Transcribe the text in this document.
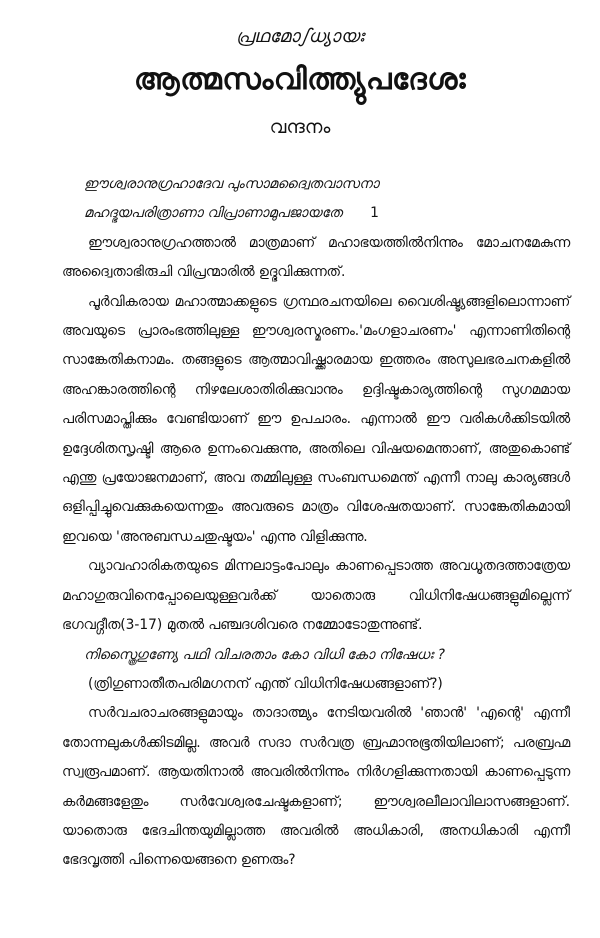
പ്രഥമോഽധ്യായഃ
ആത്മസംവിത്ത്യുപദേശഃ
വന്ദനം

ഈശ്വരാനുഗ്രഹാദേവ പുംസാമദ്വൈതവാസനാ

മഹദ്ഭയപരിത്രാണാ വിപ്രാണാമുപജായതേ 1

ഈശ്വരാനുഗ്രഹത്താൽ മാത്രമാണ് മഹാഭയത്തിൽനിന്നും മോചനമേകുന്ന അദ്വൈതാഭിരുചി വിപ്രന്മാരിൽ ഉദ്ഭവിക്കുന്നത്.

പൂർവികരായ മഹാത്മാക്കളുടെ ഗ്രന്ഥരചനയിലെ വൈശിഷ്ട്യങ്ങളിലൊന്നാണ് അവയുടെ പ്രാരംഭത്തിലുള്ള ഈശ്വരസ്മരണം.'മംഗളാചരണം' എന്നാണിതിന്റെ സാങ്കേതികനാമം. തങ്ങളുടെ ആത്മാവിഷ്ക്കാരമായ ഇത്തരം അസുലഭരചനകളിൽ അഹങ്കാരത്തിന്റെ നിഴലേശാതിരിക്കുവാനും ഉദ്ദിഷ്ടകാര്യത്തിന്റെ സുഗമമായ പരിസമാപ്തിക്കും വേണ്ടിയാണ് ഈ ഉപചാരം. എന്നാൽ ഈ വരികൾക്കിടയിൽ ഉദ്ദേശിതസൃഷ്ടി ആരെ ഉന്നംവെക്കുന്നു, അതിലെ വിഷയമെന്താണ്, അതുകൊണ്ട് എന്തു പ്രയോജനമാണ്, അവ തമ്മിലുള്ള സംബന്ധമെന്ത് എന്നീ നാലു കാര്യങ്ങൾ ഒളിപ്പിച്ചുവെക്കുകയെന്നതും അവരുടെ മാത്രം വിശേഷതയാണ്. സാങ്കേതികമായി ഇവയെ 'അനുബന്ധചതുഷ്ടയം' എന്നു വിളിക്കുന്നു.

വ്യാവഹാരികതയുടെ മിന്നലാട്ടംപോലും കാണപ്പെടാത്ത അവധൂതദത്താത്രേയ മഹാഗുരുവിനെപ്പോലെയുള്ളവർക്ക് യാതൊരു വിധിനിഷേധങ്ങളുമില്ലെന്ന് ഭഗവദ്ഗീത(3-17) മുതൽ പഞ്ചദശിവരെ നമ്മോടോതുന്നുണ്ട്.

നിസ്ത്രൈഗുണ്യേ പഥി വിചരതാം കോ വിധി കോ നിഷേധഃ ?

(ത്രിഗുണാതീതപരിമഗനന് എന്ത് വിധിനിഷേധങ്ങളാണ്?)

സർവചരാചരങ്ങളുമായും താദാത്മ്യം നേടിയവരിൽ 'ഞാൻ' 'എന്റെ' എന്നീ തോന്നലുകൾക്കിടമില്ല. അവർ സദാ സർവത്ര ബ്രഹ്മാനുഭൂതിയിലാണ്; പരബ്രഹ്മ സ്വരൂപമാണ്. ആയതിനാൽ അവരിൽനിന്നും നിർഗളിക്കുന്നതായി കാണപ്പെടുന്ന കർമങ്ങളേതും സർവേശ്വരചേഷ്ടകളാണ്; ഈശ്വരലീലാവിലാസങ്ങളാണ്. യാതൊരു ഭേദചിന്തയുമില്ലാത്ത അവരിൽ അധികാരി, അനധികാരി എന്നീ ഭേദവൃത്തി പിന്നെയെങ്ങനെ ഉണരും?
